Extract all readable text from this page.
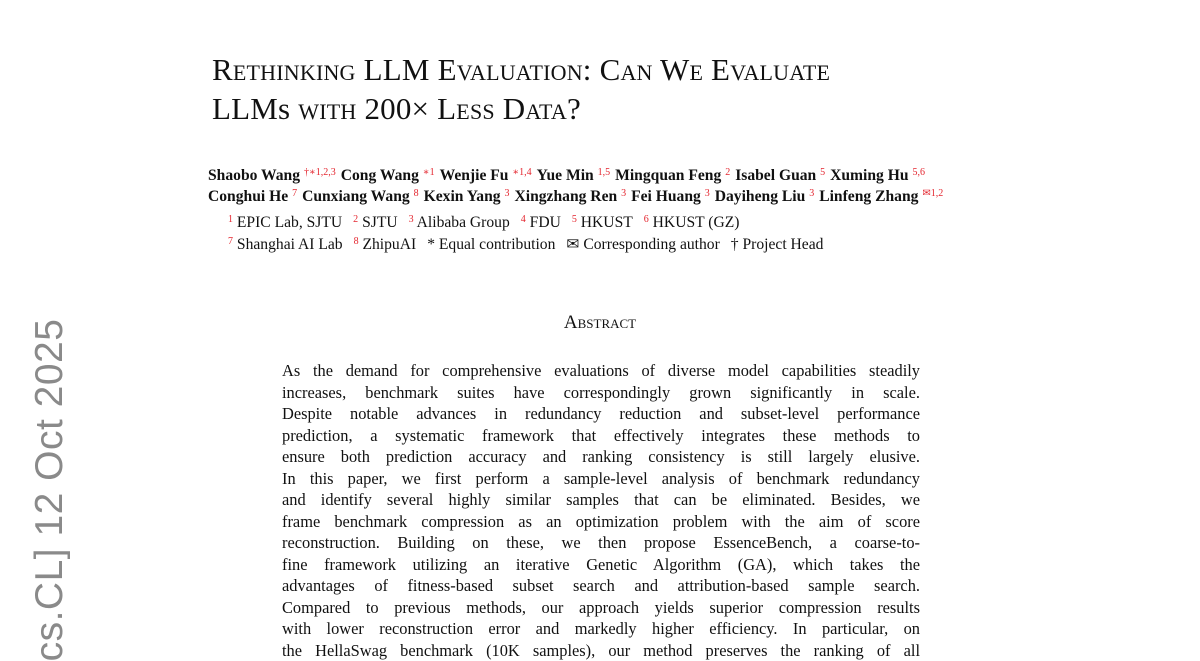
Rethinking LLM Evaluation: Can We Evaluate
LLMs with 200× Less Data?
Shaobo Wang $^{\dagger∗1,2,3}$ Cong Wang $^{∗1}$ Wenjie Fu $^{∗1,4}$ Yue Min $^{1,5}$ Mingquan Feng $^2$ Isabel Guan $^5$ Xuming Hu $^{5,6}$
Conghui He $^7$ Cunxiang Wang $^8$ Kexin Yang $^3$ Xingzhang Ren $^3$ Fei Huang $^3$ Dayiheng Liu $^3$ Linfeng Zhang $^{✉1,2}$
$^1$ EPIC Lab, SJTU $^2$ SJTU $^3$ Alibaba Group $^4$ FDU $^5$ HKUST $^6$ HKUST (GZ)
$^7$ Shanghai AI Lab $^8$ ZhipuAI * Equal contribution ✉ Corresponding author † Project Head
Abstract

As the demand for comprehensive evaluations of diverse model capabilities steadily
increases, benchmark suites have correspondingly grown significantly in scale.
Despite notable advances in redundancy reduction and subset-level performance
prediction, a systematic framework that effectively integrates these methods to
ensure both prediction accuracy and ranking consistency is still largely elusive.
In this paper, we first perform a sample-level analysis of benchmark redundancy
and identify several highly similar samples that can be eliminated. Besides, we
frame benchmark compression as an optimization problem with the aim of score
reconstruction. Building on these, we then propose EssenceBench, a coarse-to-
fine framework utilizing an iterative Genetic Algorithm (GA), which takes the
advantages of fitness-based subset search and attribution-based sample search.
Compared to previous methods, our approach yields superior compression results
with lower reconstruction error and markedly higher efficiency. In particular, on
the HellaSwag benchmark (10K samples), our method preserves the ranking of all

cs.CL] 12 Oct 2025
